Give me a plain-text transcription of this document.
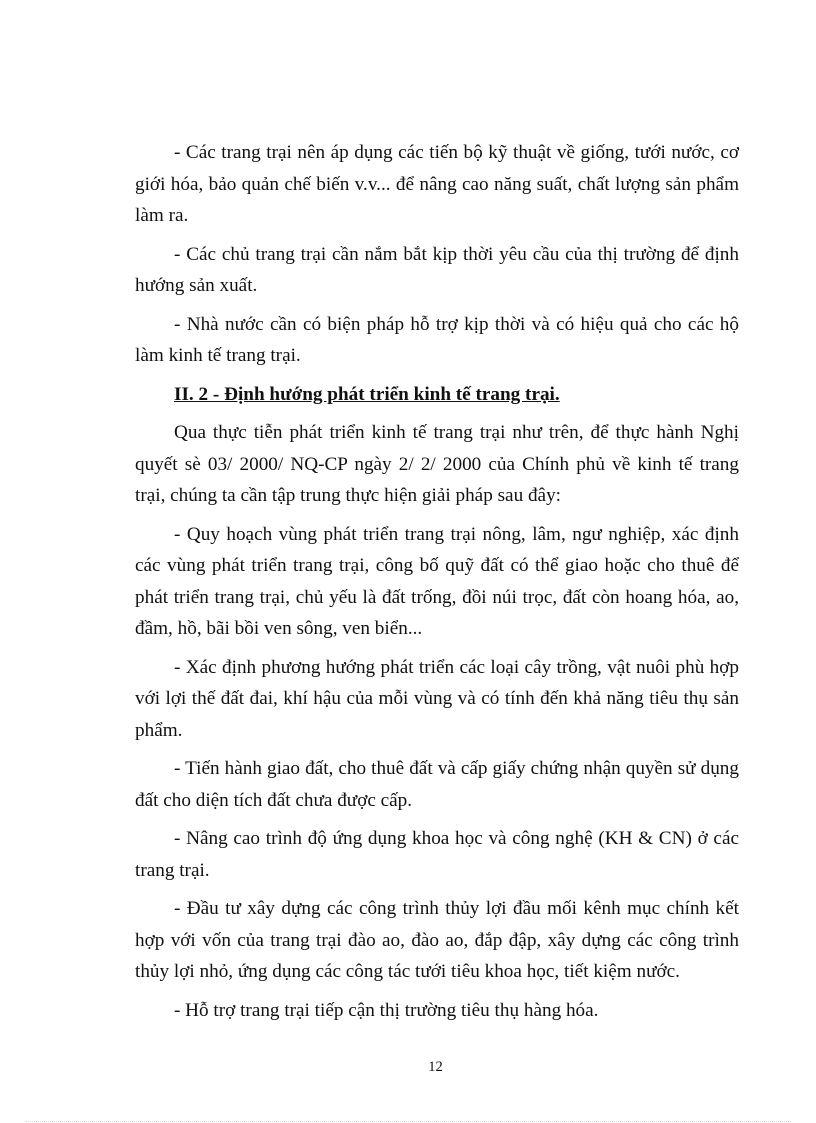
- Các trang trại nên áp dụng các tiến bộ kỹ thuật về giống, tưới nước, cơ giới hóa, bảo quản chế biến v.v... để nâng cao năng suất, chất lượng sản phẩm làm ra.

- Các chủ trang trại cần nắm bắt kịp thời yêu cầu của thị trường để định hướng sản xuất.

- Nhà nước cần có biện pháp hỗ trợ kịp thời và có hiệu quả cho các hộ làm kinh tế trang trại.

II. 2 - Định hướng phát triển kinh tế trang trại.

Qua thực tiễn phát triển kinh tế trang trại như trên, để thực hành Nghị quyết sè 03/ 2000/ NQ-CP ngày 2/ 2/ 2000 của Chính phủ về kinh tế trang trại, chúng ta cần tập trung thực hiện giải pháp sau đây:

- Quy hoạch vùng phát triển trang trại nông, lâm, ngư nghiệp, xác định các vùng phát triển trang trại, công bố quỹ đất có thể giao hoặc cho thuê để phát triển trang trại, chủ yếu là đất trống, đồi núi trọc, đất còn hoang hóa, ao, đầm, hồ, bãi bồi ven sông, ven biển...

- Xác định phương hướng phát triển các loại cây trồng, vật nuôi phù hợp với lợi thế đất đai, khí hậu của mỗi vùng và có tính đến khả năng tiêu thụ sản phẩm.

- Tiến hành giao đất, cho thuê đất và cấp giấy chứng nhận quyền sử dụng đất cho diện tích đất chưa được cấp.

- Nâng cao trình độ ứng dụng khoa học và công nghệ (KH & CN) ở các trang trại.

- Đầu tư xây dựng các công trình thủy lợi đầu mối kênh mục chính kết hợp với vốn của trang trại đào ao, đào ao, đắp đập, xây dựng các công trình thủy lợi nhỏ, ứng dụng các công tác tưới tiêu khoa học, tiết kiệm nước.

- Hỗ trợ trang trại tiếp cận thị trường tiêu thụ hàng hóa.

12
